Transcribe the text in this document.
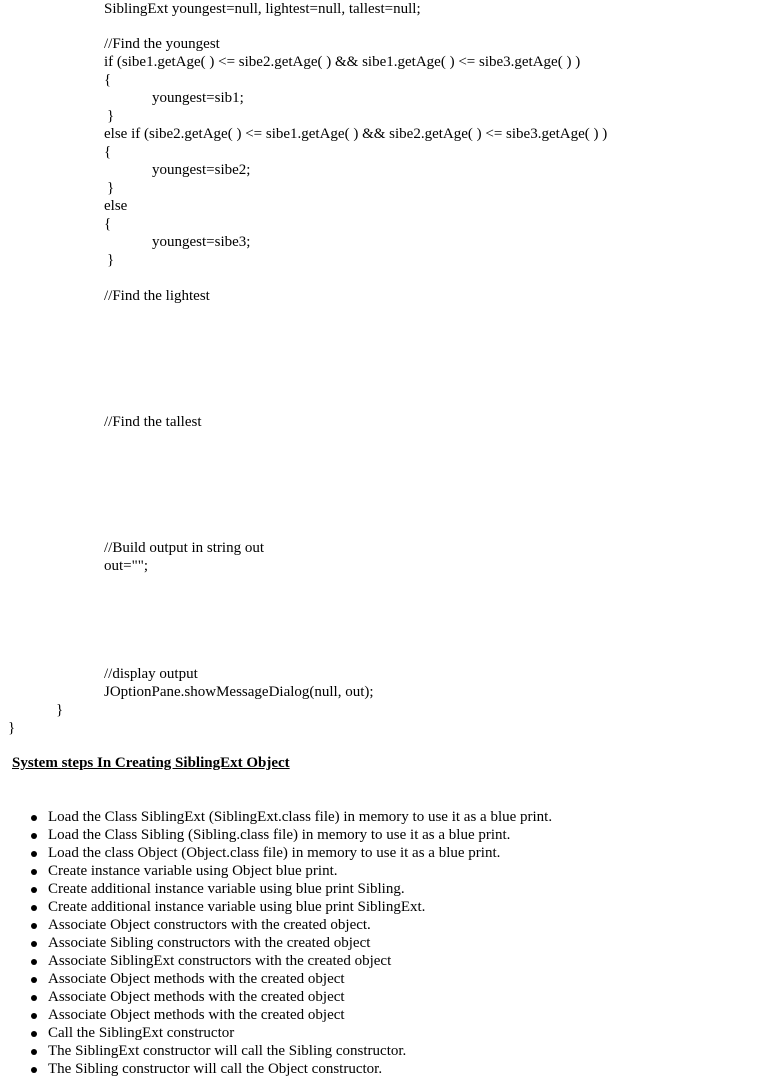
SiblingExt youngest=null, lightest=null, tallest=null;
//Find the youngest
if (sibe1.getAge( ) <= sibe2.getAge( ) && sibe1.getAge( ) <= sibe3.getAge( ) )
{
youngest=sib1;
}
else if (sibe2.getAge( ) <= sibe1.getAge( ) && sibe2.getAge( ) <= sibe3.getAge( ) )
{
youngest=sibe2;
}
else
{
youngest=sibe3;
}
//Find the lightest
//Find the tallest
//Build output in string out
out="";
//display output
JOptionPane.showMessageDialog(null, out);
}
}
System steps In Creating SiblingExt Object
Load the Class SiblingExt (SiblingExt.class file) in memory to use it as a blue print.
Load the Class Sibling (Sibling.class file) in memory to use it as a blue print.
Load the class Object (Object.class file) in memory to use it as a blue print.
Create instance variable using Object blue print.
Create additional instance variable using blue print Sibling.
Create additional instance variable using blue print SiblingExt.
Associate Object constructors with the created object.
Associate Sibling constructors with the created object
Associate SiblingExt constructors with the created object
Associate Object methods with the created object
Associate Object methods with the created object
Associate Object methods with the created object
Call the SiblingExt constructor
The SiblingExt constructor will call the Sibling constructor.
The Sibling constructor will call the Object constructor.
